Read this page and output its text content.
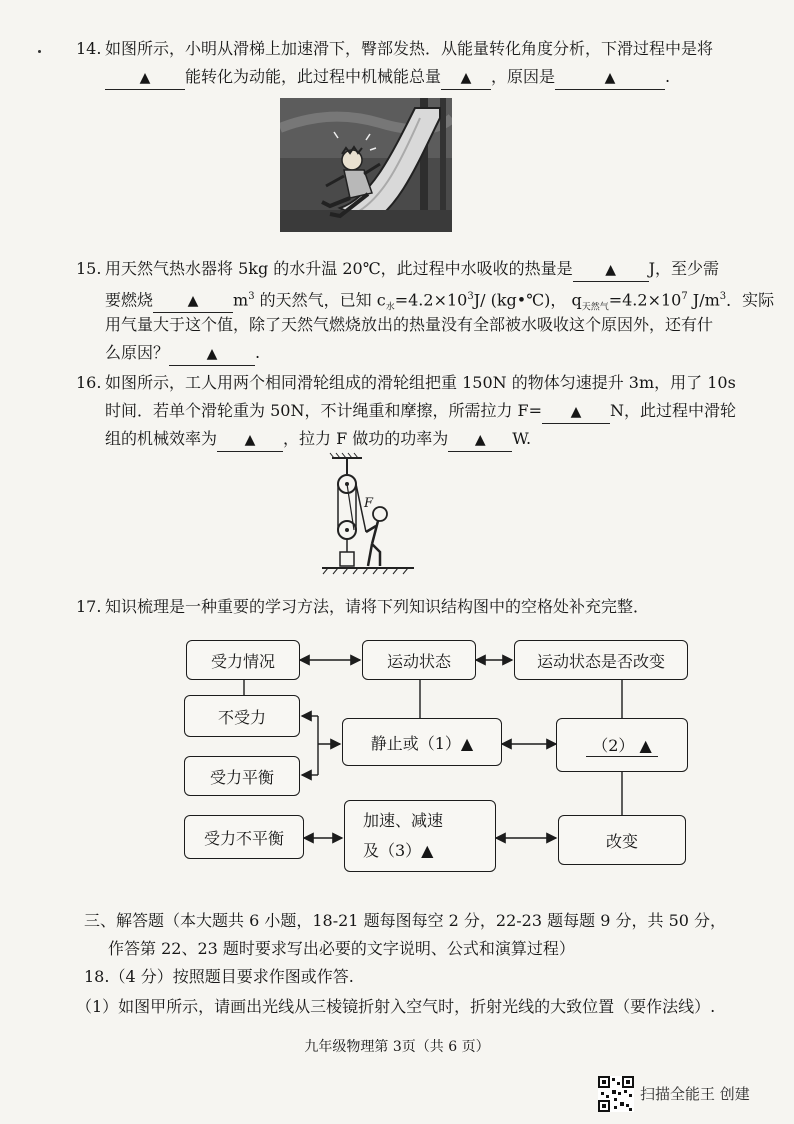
14. 如图所示，小明从滑梯上加速滑下，臀部发热．从能量转化角度分析，下滑过程中是将
▲ 能转化为动能，此过程中机械能总量 ▲ ，原因是	▲	.
15. 用天然气热水器将 5kg 的水升温 20℃，此过程中水吸收的热量是 ▲ J，至少需
要燃烧 ▲ $m^3$ 的天然气，已知 $c_水=4.2\times 10^3J/$ (kg•℃)， $q_{天然气}=4.2\times 10^7$ $J/m^3$．实际
用气量大于这个值，除了天然气燃烧放出的热量没有全部被水吸收这个原因外，还有什
么原因？	▲ .
16. 如图所示，工人用两个相同滑轮组成的滑轮组把重 150N 的物体匀速提升 3m，用了 10s
时间．若单个滑轮重为 50N，不计绳重和摩擦，所需拉力 F= ▲ N，此过程中滑轮
组的机械效率为 ▲ ，拉力 F 做功的功率为 ▲ W.
F
17. 知识梳理是一种重要的学习方法，请将下列知识结构图中的空格处补充完整．
受力情况	运动状态	运动状态是否改变
不受力
受力平衡
受力不平衡
静止或（1）▲	（2） ▲
加速、减速
及（3）▲	改变
三、解答题（本大题共 6 小题，18-21 题每图每空 2 分，22-23 题每题 9 分，共 50 分，
作答第 22、23 题时要求写出必要的文字说明、公式和演算过程）
18.（4 分）按照题目要求作图或作答.
（1）如图甲所示，请画出光线从三棱镜折射入空气时，折射光线的大致位置（要作法线）.
九年级物理第 3页（共 6 页）
扫描全能王 创建
